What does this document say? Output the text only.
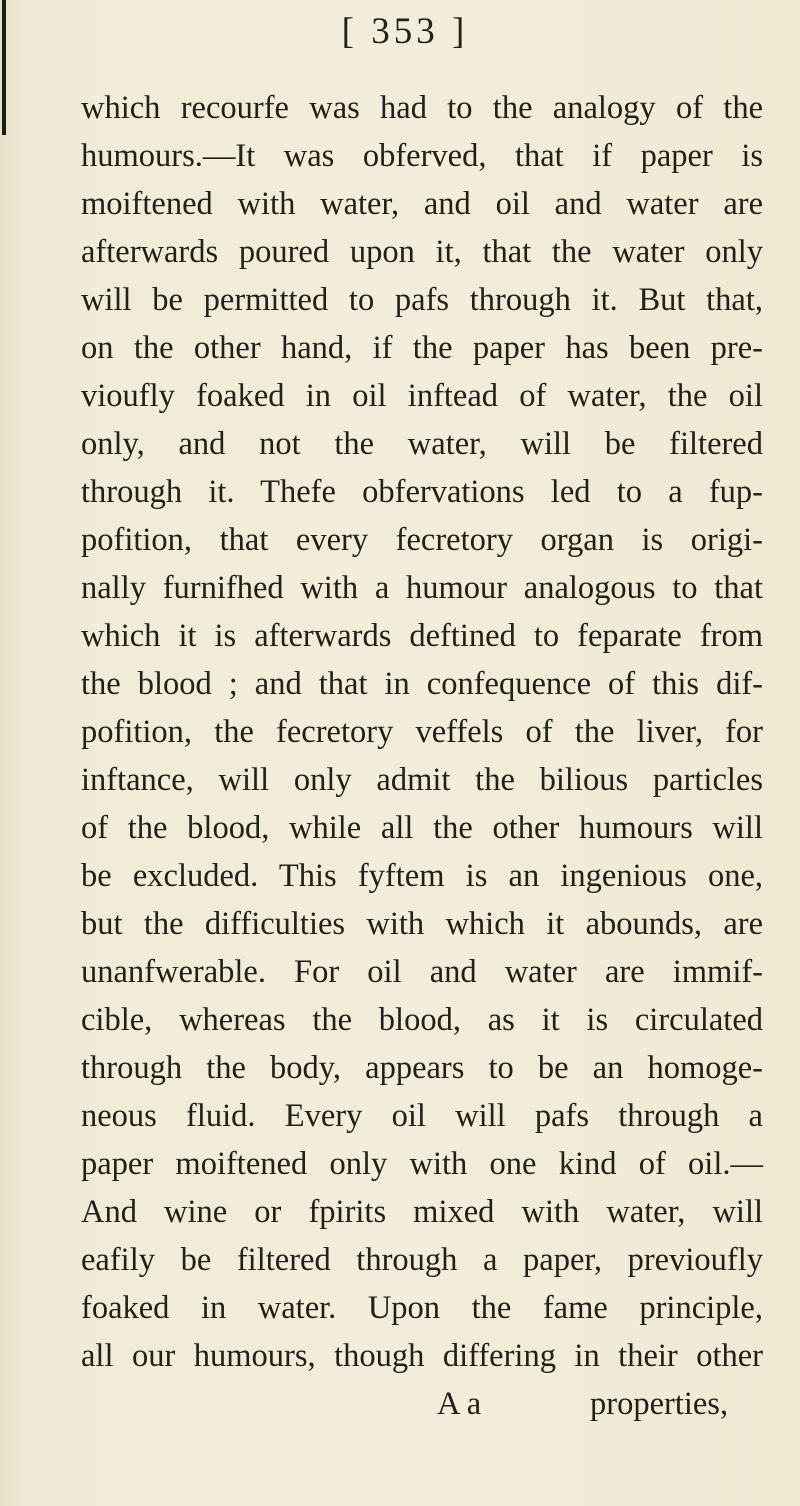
[ 353 ]
which recourfe was had to the analogy of the
humours.—It was obferved, that if paper is
moiftened with water, and oil and water are
afterwards poured upon it, that the water only
will be permitted to pafs through it. But that,
on the other hand, if the paper has been pre-
vioufly foaked in oil inftead of water, the oil
only, and not the water, will be filtered
through it. Thefe obfervations led to a fup-
pofition, that every fecretory organ is origi-
nally furnifhed with a humour analogous to that
which it is afterwards deftined to feparate from
the blood ; and that in confequence of this dif-
pofition, the fecretory veffels of the liver, for
inftance, will only admit the bilious particles
of the blood, while all the other humours will
be excluded. This fyftem is an ingenious one,
but the difficulties with which it abounds, are
unanfwerable. For oil and water are immif-
cible, whereas the blood, as it is circulated
through the body, appears to be an homoge-
neous fluid. Every oil will pafs through a
paper moiftened only with one kind of oil.—
And wine or fpirits mixed with water, will
eafily be filtered through a paper, previoufly
foaked in water. Upon the fame principle,
all our humours, though differing in their other
A a	properties,
